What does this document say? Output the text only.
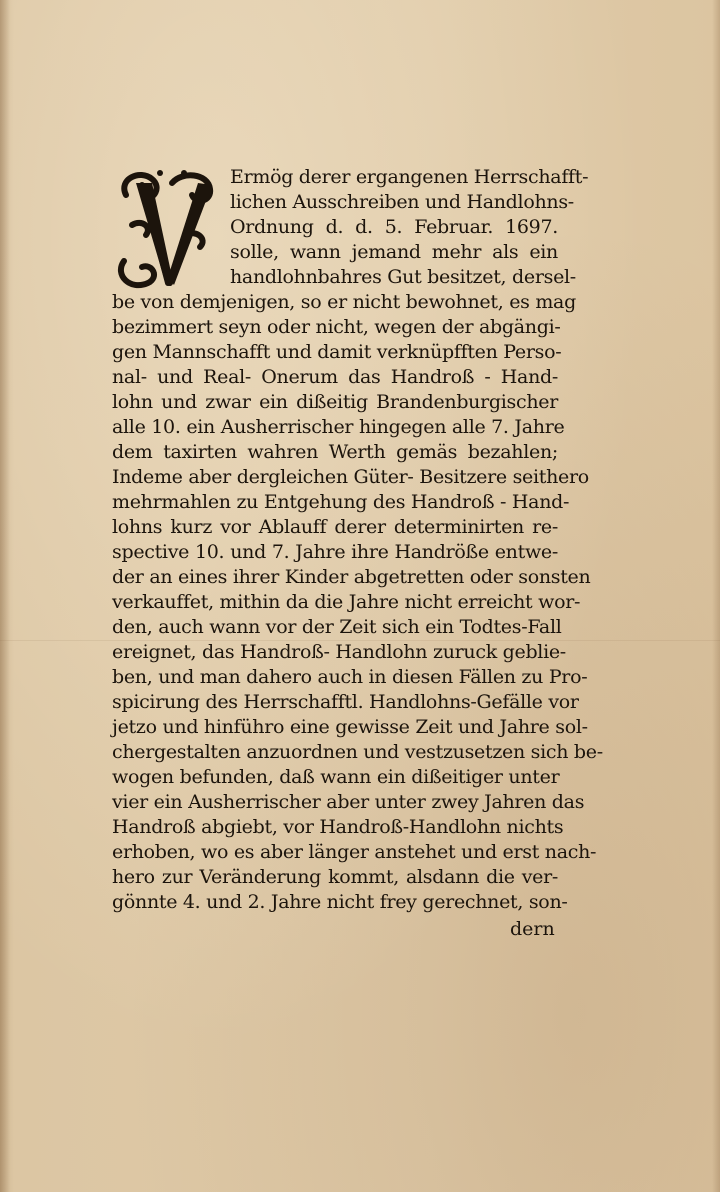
Ermög derer ergangenen Herrschafft-
lichen Ausschreiben und Handlohns-
Ordnung d. d. 5. Februar. 1697.
solle, wann jemand mehr als ein
handlohnbahres Gut besitzet, dersel-
be von demjenigen, so er nicht bewohnet, es mag
bezimmert seyn oder nicht, wegen der abgängi-
gen Mannschafft und damit verknüpfften Perso-
nal- und Real- Onerum das Handroß - Hand-
lohn und zwar ein dißeitig Brandenburgischer
alle 10. ein Ausherrischer hingegen alle 7. Jahre
dem taxirten wahren Werth gemäs bezahlen;
Indeme aber dergleichen Güter- Besitzere seithero
mehrmahlen zu Entgehung des Handroß - Hand-
lohns kurz vor Ablauff derer determinirten re-
spective 10. und 7. Jahre ihre Handröße entwe-
der an eines ihrer Kinder abgetretten oder sonsten
verkauffet, mithin da die Jahre nicht erreicht wor-
den, auch wann vor der Zeit sich ein Todtes-Fall
ereignet, das Handroß- Handlohn zuruck geblie-
ben, und man dahero auch in diesen Fällen zu Pro-
spicirung des Herrschafftl. Handlohns-Gefälle vor
jetzo und hinführo eine gewisse Zeit und Jahre sol-
chergestalten anzuordnen und vestzusetzen sich be-
wogen befunden, daß wann ein dißeitiger unter
vier ein Ausherrischer aber unter zwey Jahren das
Handroß abgiebt, vor Handroß-Handlohn nichts
erhoben, wo es aber länger anstehet und erst nach-
hero zur Veränderung kommt, alsdann die ver-
gönnte 4. und 2. Jahre nicht frey gerechnet, son-
dern
